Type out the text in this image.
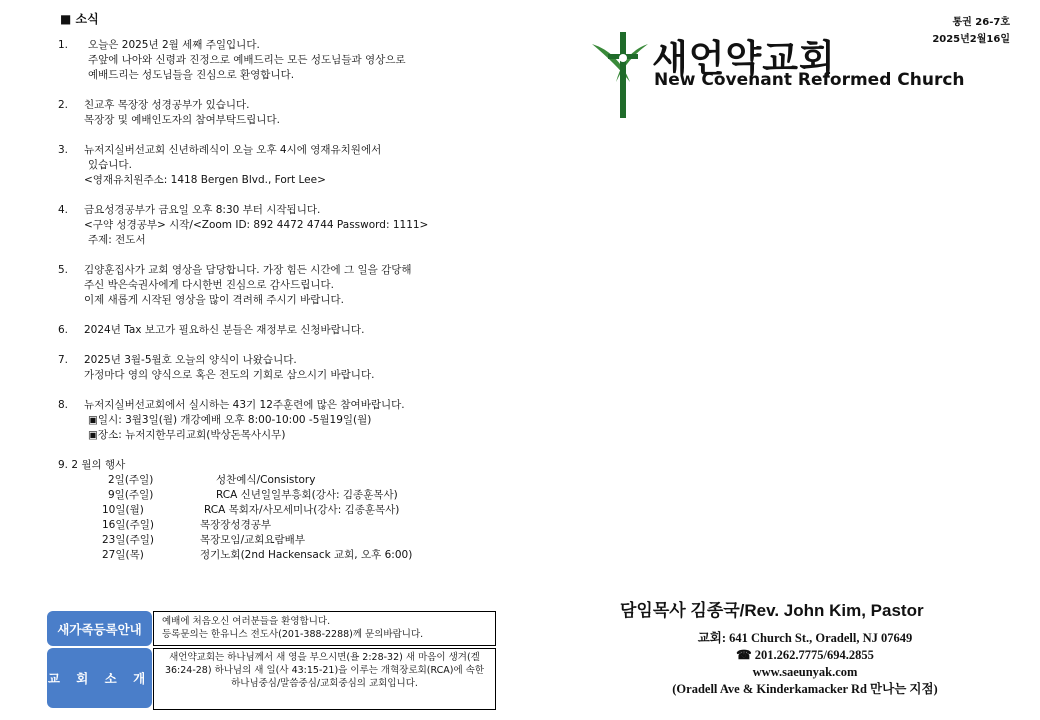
■ 소식
1. 오늘은 2025년 2월 세째 주일입니다.
주앞에 나아와 신령과 진정으로 예배드리는 모든 성도님들과 영상으로
예배드리는 성도님들을 진심으로 환영합니다.
2. 친교후 목장장 성경공부가 있습니다.
목장장 및 예배인도자의 참여부탁드립니다.
3. 뉴저지실버선교회 신년하례식이 오늘 오후 4시에 영재유치원에서
있습니다.
<영재유치원주소: 1418 Bergen Blvd., Fort Lee>
4. 금요성경공부가 금요일 오후 8:30 부터 시작됩니다.
<구약 성경공부> 시작/<Zoom ID: 892 4472 4744 Password: 1111>
주제: 전도서
5. 김양훈집사가 교회 영상을 담당합니다. 가장 힘든 시간에 그 일을 감당해
주신 박은숙권사에게 다시한번 진심으로 감사드립니다.
이제 새롭게 시작된 영상을 많이 격려해 주시기 바랍니다.
6. 2024년 Tax 보고가 필요하신 분들은 재정부로 신청바랍니다.
7. 2025년 3월-5월호 오늘의 양식이 나왔습니다.
가정마다 영의 양식으로 혹은 전도의 기회로 삼으시기 바랍니다.
8. 뉴저지실버선교회에서 실시하는 43기 12주훈련에 많은 참여바랍니다.
▣일시: 3월3일(월) 개강예배 오후 8:00-10:00 -5월19일(월)
▣장소: 뉴저지한무리교회(박상돈목사시무)
9. 2 월의 행사
2일(주일)	성찬예식/Consistory
9일(주일)	RCA 신년일일부흥회(강사: 김종훈목사)
10일(월)	RCA 목회자/사모세미나(강사: 김종훈목사)
16일(주일)	목장장성경공부
23일(주일)	목장모임/교회요람배부
27일(목)	정기노회(2nd Hackensack 교회, 오후 6:00)
통권 26-7호
2025년2월16일
새언약교회
New Covenant Reformed Church
담임목사 김종국/Rev. John Kim, Pastor
교회: 641 Church St., Oradell, NJ 07649
☎ 201.262.7775/694.2855
www.saeunyak.com
(Oradell Ave & Kinderkamacker Rd 만나는 지점)
새가족등록안내	예배에 처음오신 여러분들을 환영합니다.
등록문의는 한유니스 전도사(201-388-2288)께 문의바랍니다.
교 회 소 개
새언약교회는 하나님께서 새 영을 부으시면(욜 2:28-32) 새 마음이 생겨(겔 36:24-28) 하나님의 새 일(사 43:15-21)을 이루는 개혁장로회(RCA)에 속한 하나님중심/말씀중심/교회중심의 교회입니다.
